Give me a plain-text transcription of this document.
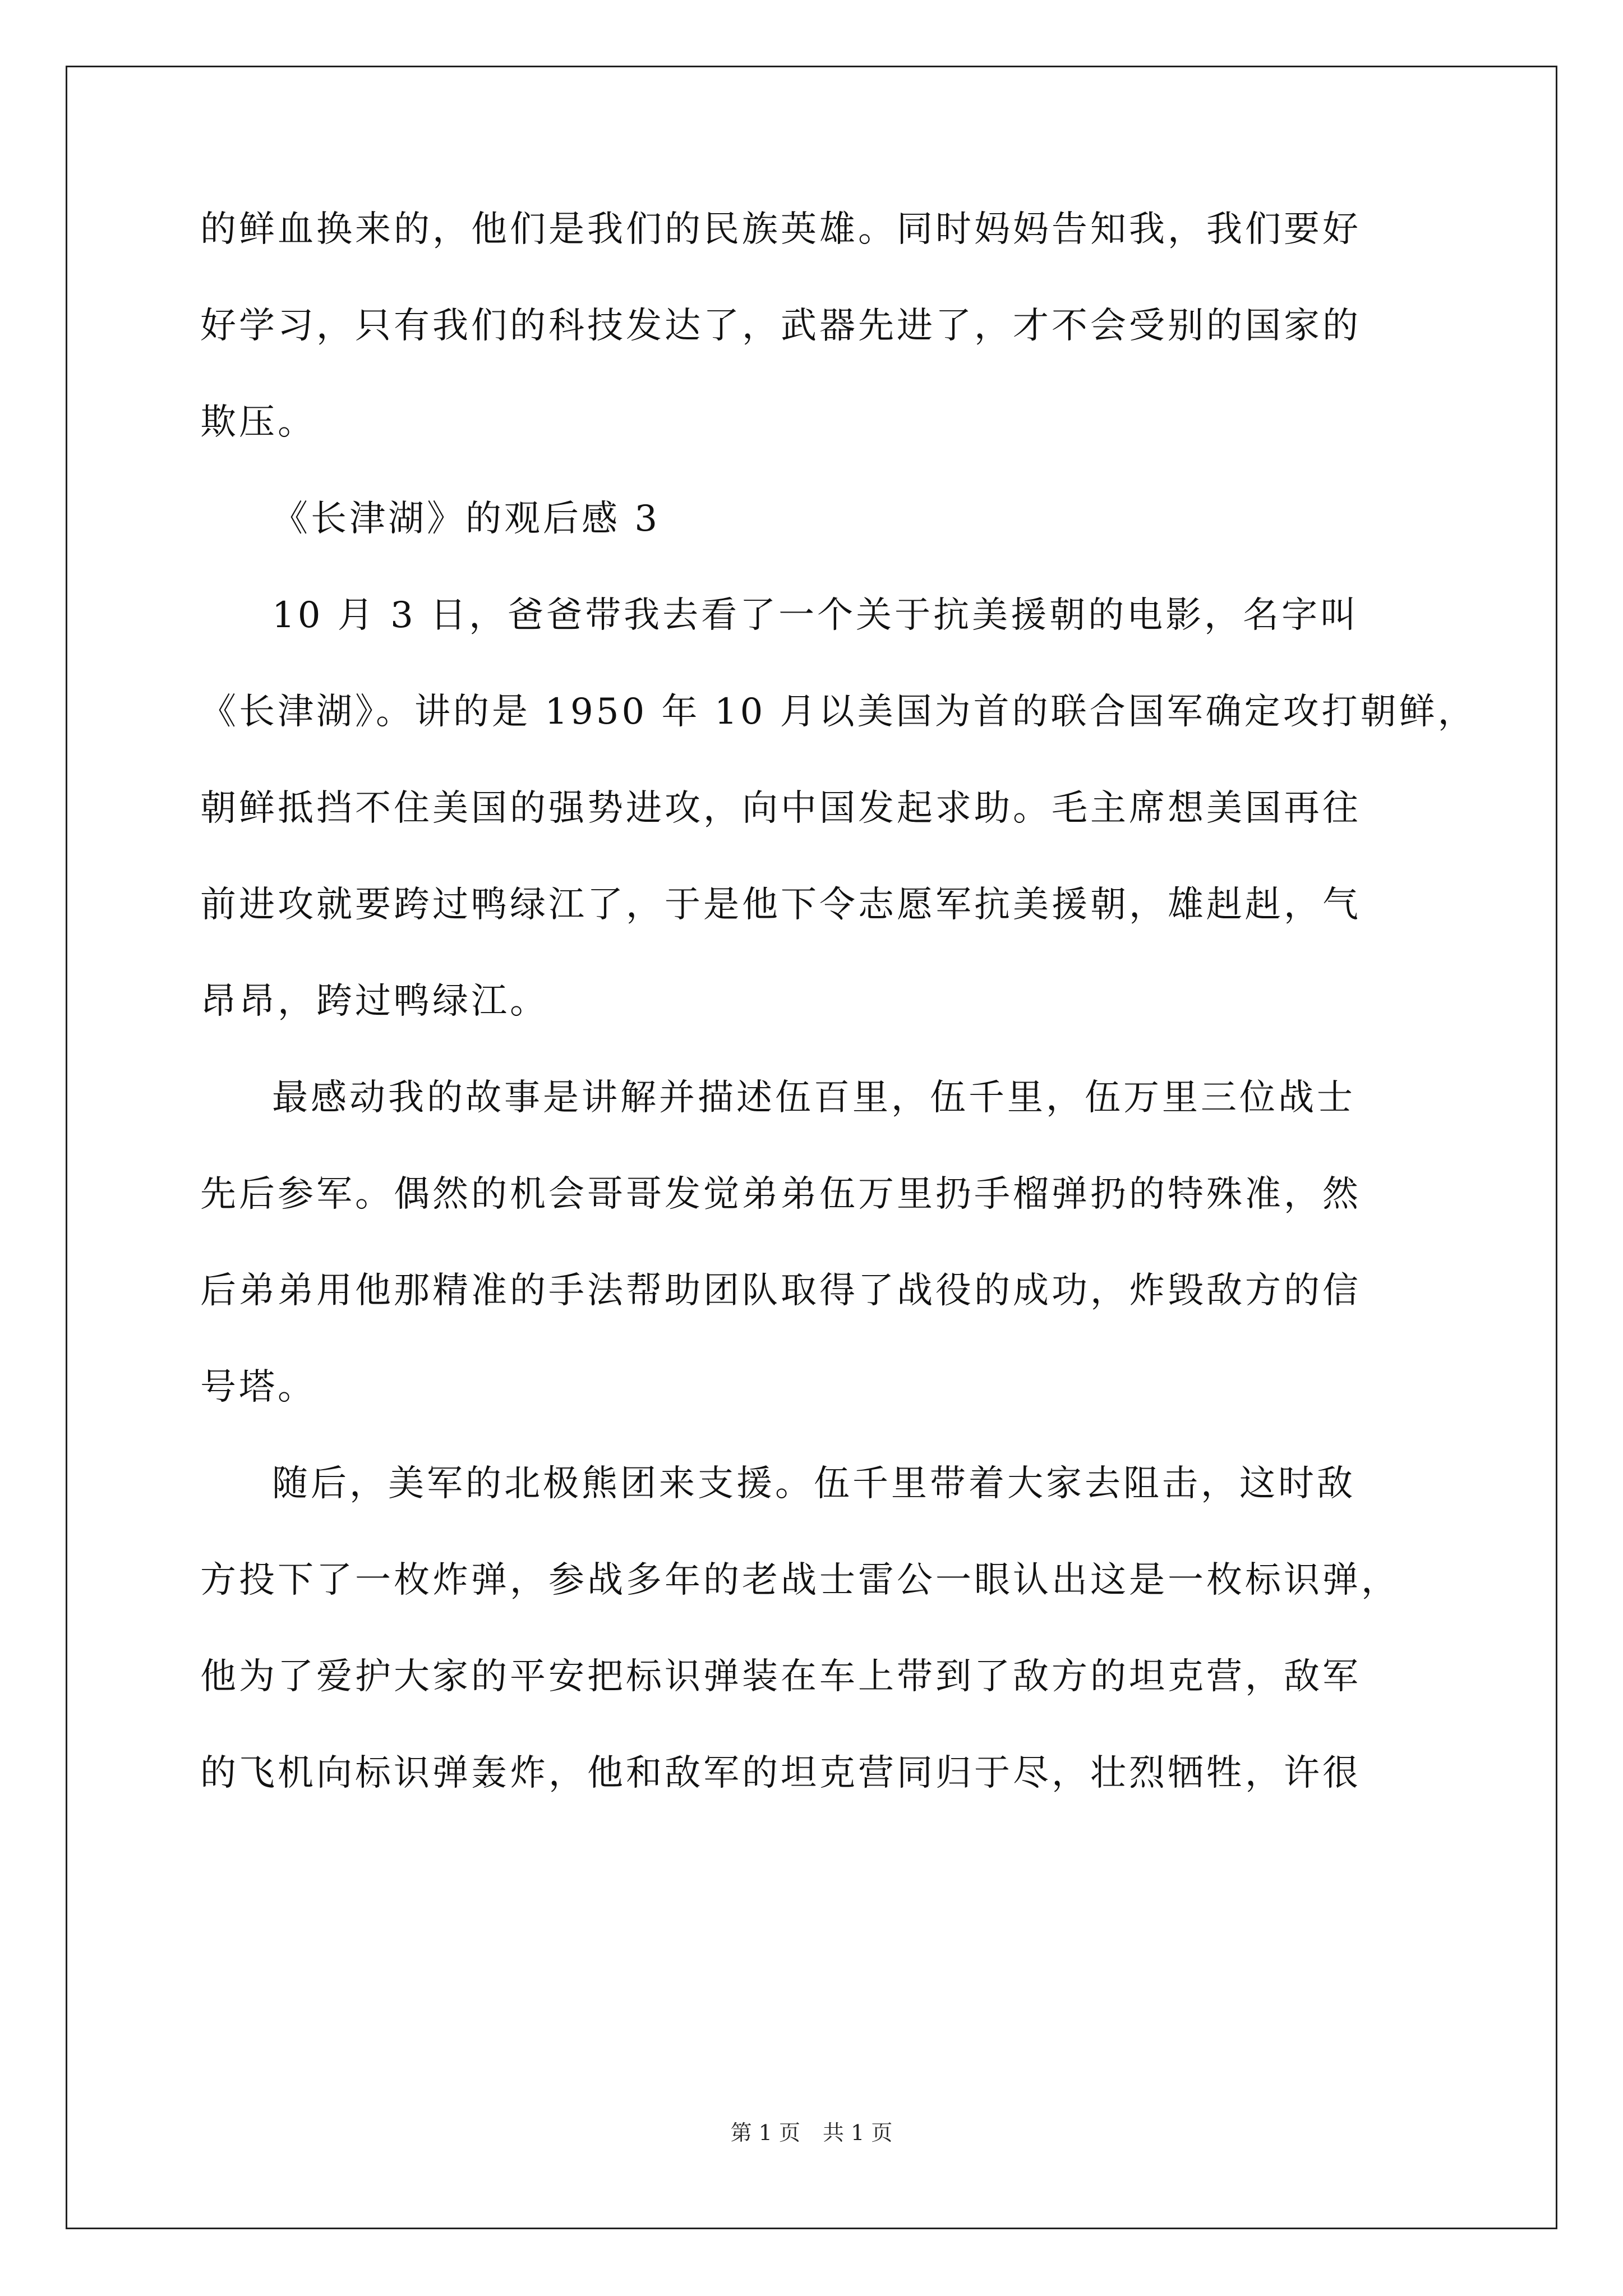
的鲜血换来的，他们是我们的民族英雄。同时妈妈告知我，我们要好
好学习，只有我们的科技发达了，武器先进了，才不会受别的国家的
欺压。
《长津湖》的观后感 3
10 月 3 日，爸爸带我去看了一个关于抗美援朝的电影，名字叫
《长津湖》。讲的是 1950 年 10 月以美国为首的联合国军确定攻打朝鲜，
朝鲜抵挡不住美国的强势进攻，向中国发起求助。毛主席想美国再往
前进攻就要跨过鸭绿江了，于是他下令志愿军抗美援朝，雄赳赳，气
昂昂，跨过鸭绿江。
最感动我的故事是讲解并描述伍百里，伍千里，伍万里三位战士
先后参军。偶然的机会哥哥发觉弟弟伍万里扔手榴弹扔的特殊准，然
后弟弟用他那精准的手法帮助团队取得了战役的成功，炸毁敌方的信
号塔。
随后，美军的北极熊团来支援。伍千里带着大家去阻击，这时敌
方投下了一枚炸弹，参战多年的老战士雷公一眼认出这是一枚标识弹，
他为了爱护大家的平安把标识弹装在车上带到了敌方的坦克营，敌军
的飞机向标识弹轰炸，他和敌军的坦克营同归于尽，壮烈牺牲，许很
第 1 页 共 1 页
